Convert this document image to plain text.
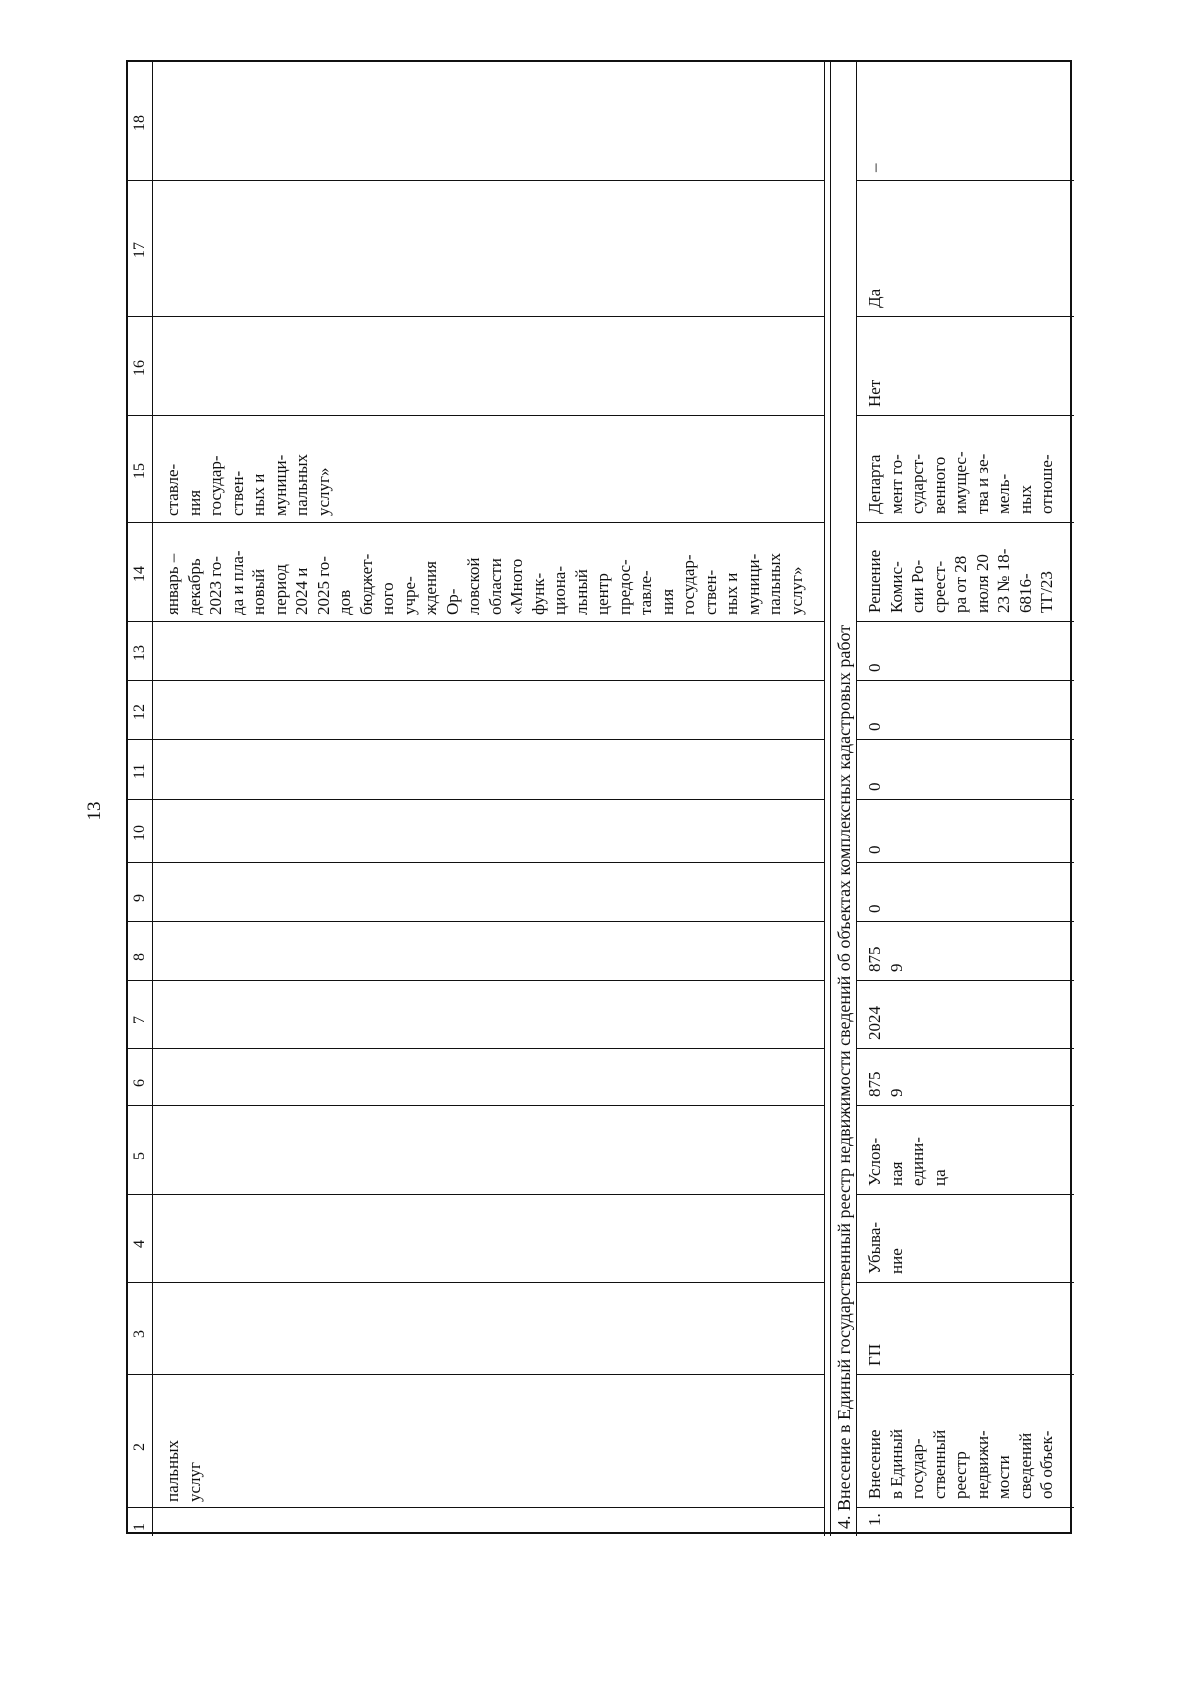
13
1
2
3
4
5
6
7
8
9
10
11
12
13
14
15
16
17
18
пальных услуг
январь – декабрь 2023 го- да и пла- новый период 2024 и 2025 го- дов бюджет- ного учре- ждения Ор- ловской области «Много функ- циона- льный центр предос- тавле- ния государ- ствен- ных и муници- пальных услуг»
ставле- ния государ- ствен- ных и муници- пальных услуг»
4. Внесение в Единый государственный реестр недвижимости сведений об объектах комплексных кадастровых работ 1.
Внесение в Единый государ- ственный реестр недвижи- мости сведений об объек-
ГП
Убыва- ние
Услов- ная едини- ца
875 9
2024
875 9
0
0
0
0
0
Решение Комис- сии Ро- среест- ра от 28 июля 20 23 № 18- 6816- ТГ/23
Департа мент го- сударст- венного имущес- тва и зе- мель- ных отноше-
Нет
Да
–
